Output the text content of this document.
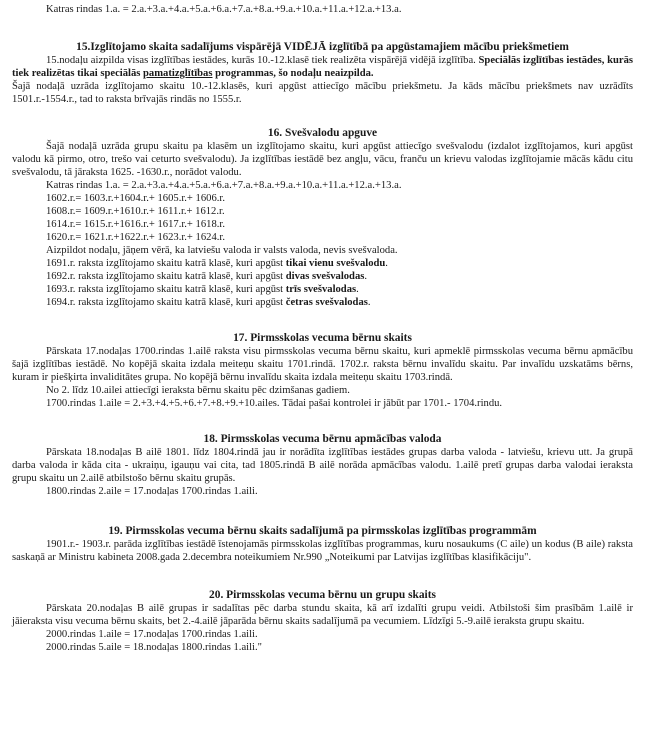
Katras rindas 1.a. = 2.a.+3.a.+4.a.+5.a.+6.a.+7.a.+8.a.+9.a.+10.a.+11.a.+12.a.+13.a.

15.Izglītojamo skaita sadalījums vispārējā VIDĒJĀ izglītībā pa apgūstamajiem mācību priekšmetiem

15.nodaļu aizpilda visas izglītības iestādes, kurās 10.-12.klasē tiek realizēta vispārējā vidējā izglītība. Speciālās izglītības iestādes, kurās tiek realizētas tikai speciālās pamatizglītības programmas, šo nodaļu neaizpilda.

Šajā nodaļā uzrāda izglītojamo skaitu 10.-12.klasēs, kuri apgūst attiecīgo mācību priekšmetu. Ja kāds mācību priekšmets nav uzrādīts 1501.r.-1554.r., tad to raksta brīvajās rindās no 1555.r.

16. Svešvalodu apguve

Šajā nodaļā uzrāda grupu skaitu pa klasēm un izglītojamo skaitu, kuri apgūst attiecīgo svešvalodu (izdalot izglītojamos, kuri apgūst valodu kā pirmo, otro, trešo vai ceturto svešvalodu). Ja izglītības iestādē bez angļu, vācu, franču un krievu valodas izglītojamie mācās kādu citu svešvalodu, tā jāraksta 1625. -1630.r., norādot valodu.

Katras rindas 1.a. = 2.a.+3.a.+4.a.+5.a.+6.a.+7.a.+8.a.+9.a.+10.a.+11.a.+12.a.+13.a.

1602.r.= 1603.r.+1604.r.+ 1605.r.+ 1606.r.

1608.r.= 1609.r.+1610.r.+ 1611.r.+ 1612.r.

1614.r.= 1615.r.+1616.r.+ 1617.r.+ 1618.r.

1620.r.= 1621.r.+1622.r.+ 1623.r.+ 1624.r.

Aizpildot nodaļu, jāņem vērā, ka latviešu valoda ir valsts valoda, nevis svešvaloda.

1691.r. raksta izglītojamo skaitu katrā klasē, kuri apgūst tikai vienu svešvalodu.

1692.r. raksta izglītojamo skaitu katrā klasē, kuri apgūst divas svešvalodas.

1693.r. raksta izglītojamo skaitu katrā klasē, kuri apgūst trīs svešvalodas.

1694.r. raksta izglītojamo skaitu katrā klasē, kuri apgūst četras svešvalodas.

17. Pirmsskolas vecuma bērnu skaits

Pārskata 17.nodaļas 1700.rindas 1.ailē raksta visu pirmsskolas vecuma bērnu skaitu, kuri apmeklē pirmsskolas vecuma bērnu apmācību šajā izglītības iestādē. No kopējā skaita izdala meiteņu skaitu 1701.rindā. 1702.r. raksta bērnu invalīdu skaitu. Par invalīdu uzskatāms bērns, kuram ir piešķirta invaliditātes grupa. No kopējā bērnu invalīdu skaita izdala meiteņu skaitu 1703.rindā.

No 2. līdz 10.ailei attiecīgi ieraksta bērnu skaitu pēc dzimšanas gadiem.

1700.rindas 1.aile = 2.+3.+4.+5.+6.+7.+8.+9.+10.ailes. Tādai pašai kontrolei ir jābūt par 1701.- 1704.rindu.

18. Pirmsskolas vecuma bērnu apmācības valoda

Pārskata 18.nodaļas B ailē 1801. līdz 1804.rindā jau ir norādīta izglītības iestādes grupas darba valoda - latviešu, krievu utt. Ja grupā darba valoda ir kāda cita - ukraiņu, igauņu vai cita, tad 1805.rindā B ailē norāda apmācības valodu. 1.ailē pretī grupas darba valodai ieraksta grupu skaitu un 2.ailē atbilstošo bērnu skaitu grupās.

1800.rindas 2.aile = 17.nodaļas 1700.rindas 1.aili.

19. Pirmsskolas vecuma bērnu skaits sadalījumā pa pirmsskolas izglītības programmām

1901.r.- 1903.r. parāda izglītības iestādē īstenojamās pirmsskolas izglītības programmas, kuru nosaukums (C aile) un kodus (B aile) raksta saskaņā ar Ministru kabineta 2008.gada 2.decembra noteikumiem Nr.990 „Noteikumi par Latvijas izglītības klasifikāciju".

20. Pirmsskolas vecuma bērnu un grupu skaits

Pārskata 20.nodaļas B ailē grupas ir sadalītas pēc darba stundu skaita, kā arī izdalīti grupu veidi. Atbilstoši šim prasībām 1.ailē ir jāieraksta visu vecuma bērnu skaits, bet 2.-4.ailē jāparāda bērnu skaits sadalījumā pa vecumiem. Līdzīgi 5.-9.ailē ieraksta grupu skaitu.

2000.rindas 1.aile = 17.nodaļas 1700.rindas 1.aili.

2000.rindas 5.aile = 18.nodaļas 1800.rindas 1.aili."
